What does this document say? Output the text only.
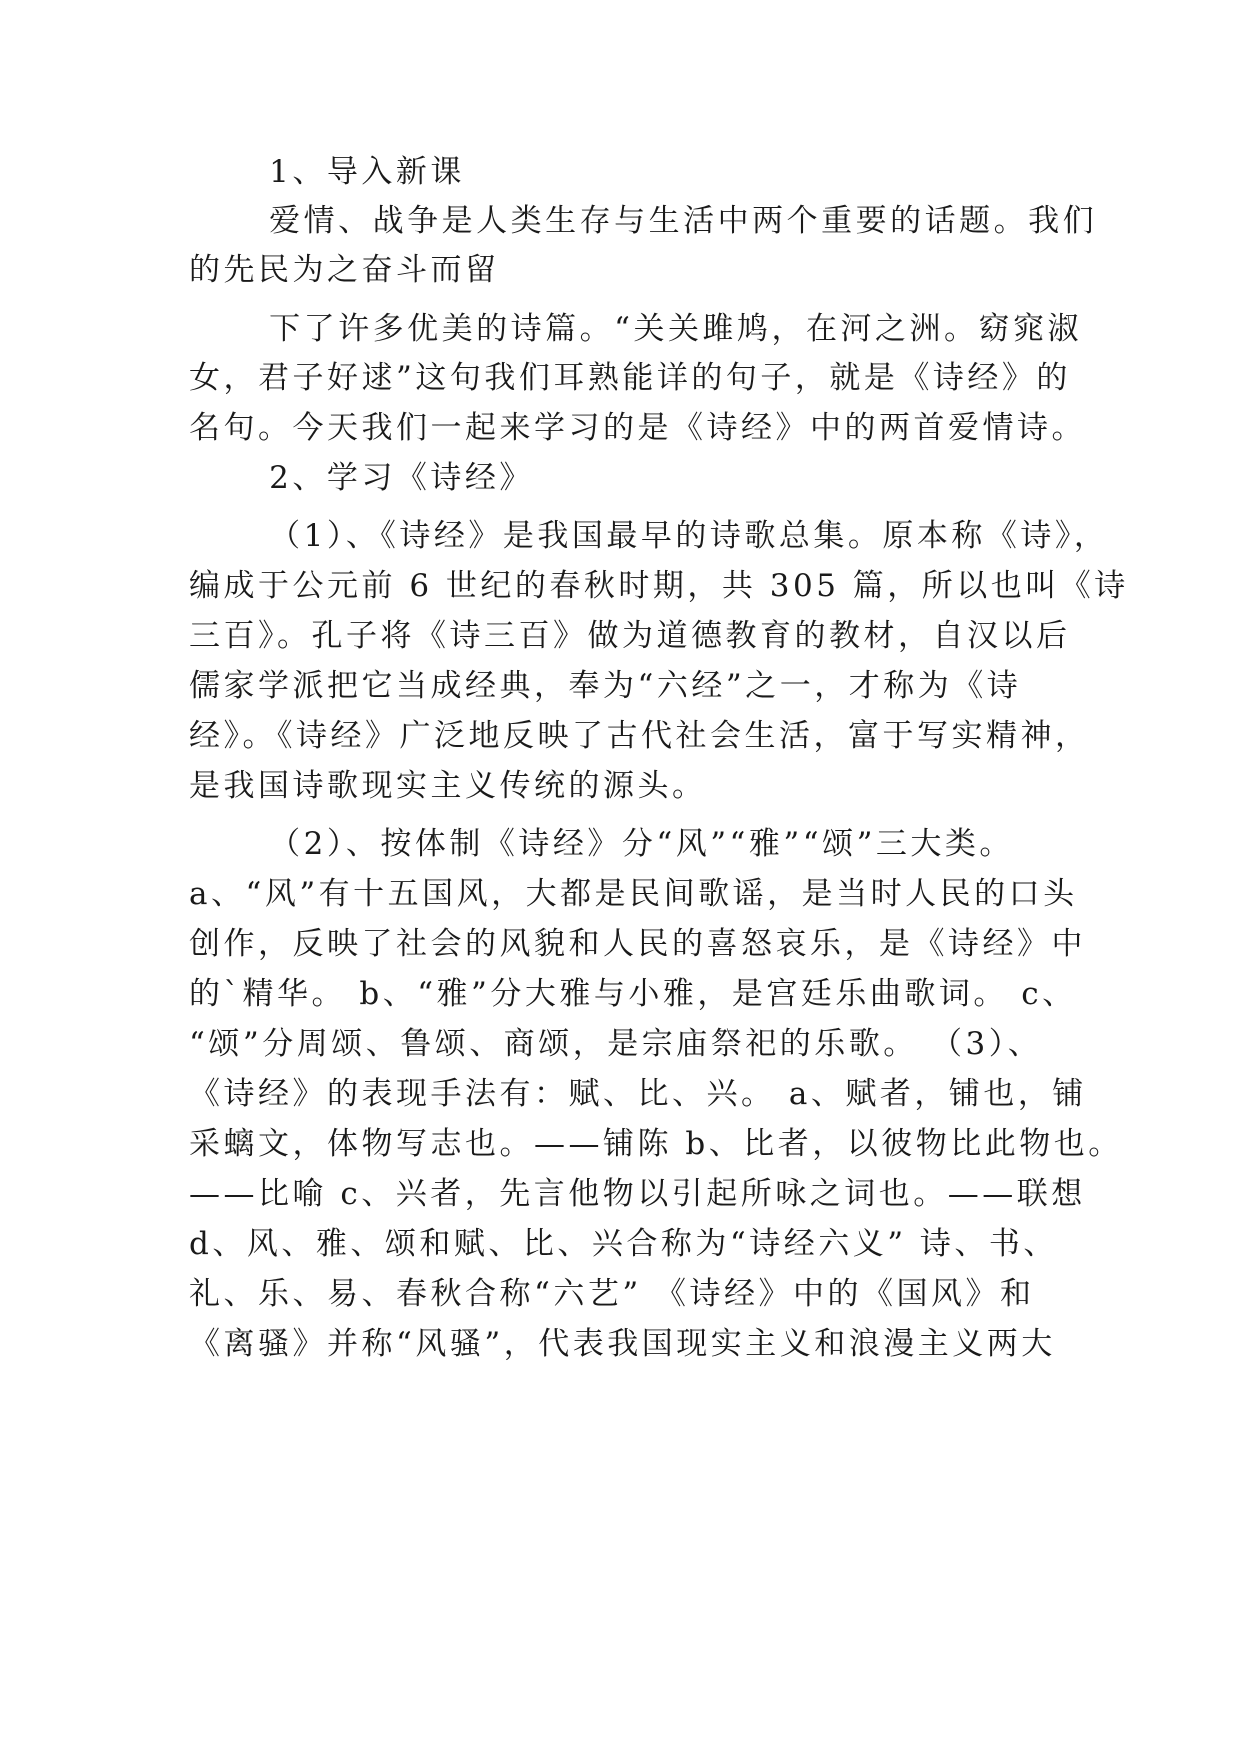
1、导入新课
爱情、战争是人类生存与生活中两个重要的话题。我们
的先民为之奋斗而留
下了许多优美的诗篇。“关关雎鸠，在河之洲。窈窕淑
女，君子好逑”这句我们耳熟能详的句子，就是《诗经》的
名句。今天我们一起来学习的是《诗经》中的两首爱情诗。
2、学习《诗经》
（1）、《诗经》是我国最早的诗歌总集。原本称《诗》，
编成于公元前 6 世纪的春秋时期，共 305 篇，所以也叫《诗
三百》。孔子将《诗三百》做为道德教育的教材，自汉以后
儒家学派把它当成经典，奉为“六经”之一，才称为《诗
经》。《诗经》广泛地反映了古代社会生活，富于写实精神，
是我国诗歌现实主义传统的源头。
（2）、按体制《诗经》分“风”“雅”“颂”三大类。
a、“风”有十五国风，大都是民间歌谣，是当时人民的口头
创作，反映了社会的风貌和人民的喜怒哀乐，是《诗经》中
的`精华。 b、“雅”分大雅与小雅，是宫廷乐曲歌词。 c、
“颂”分周颂、鲁颂、商颂，是宗庙祭祀的乐歌。 （3）、
《诗经》的表现手法有：赋、比、兴。 a、赋者，铺也，铺
采螭文，体物写志也。——铺陈 b、比者，以彼物比此物也。
——比喻 c、兴者，先言他物以引起所咏之词也。——联想
d、风、雅、颂和赋、比、兴合称为“诗经六义” 诗、书、
礼、乐、易、春秋合称“六艺” 《诗经》中的《国风》和
《离骚》并称“风骚”，代表我国现实主义和浪漫主义两大
